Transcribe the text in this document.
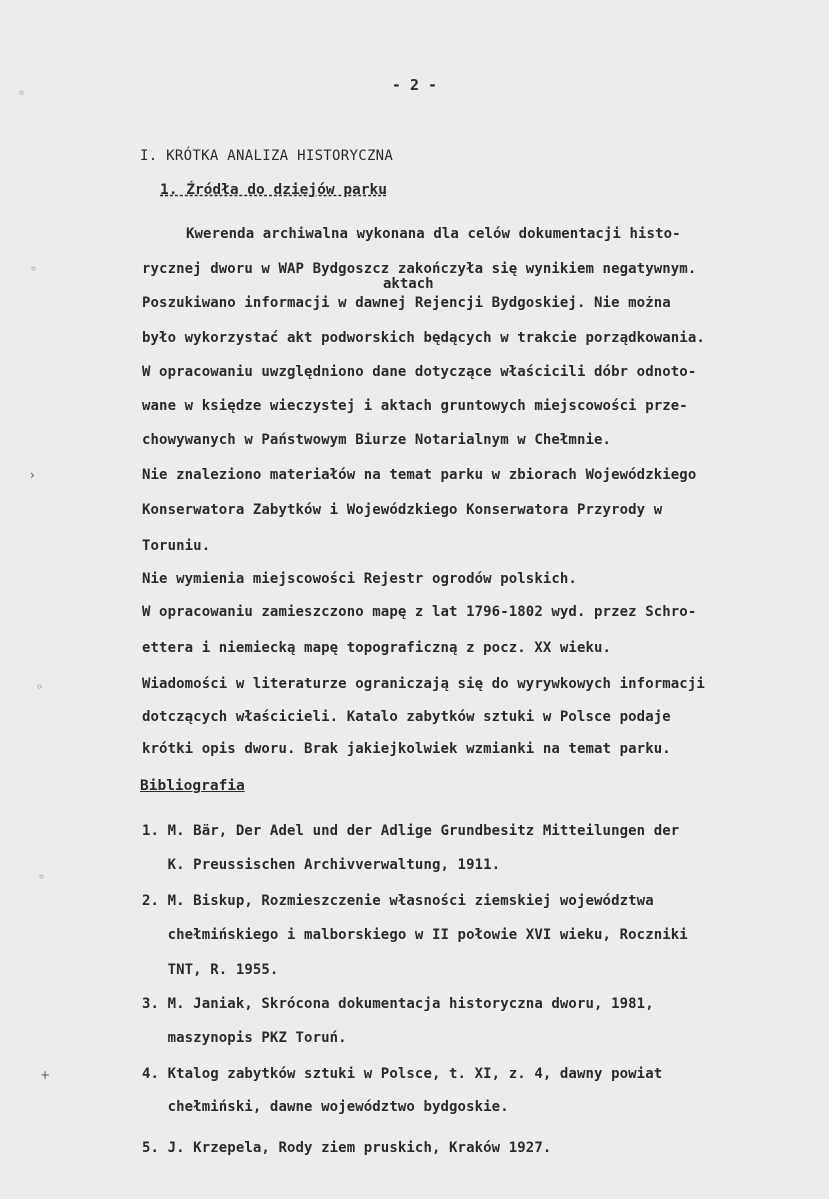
◦
◦
›
◦
◦
+
- 2 -
I. KRÓTKA ANALIZA HISTORYCZNA
1. Źródła do dziejów parku
aktach
Kwerenda archiwalna wykonana dla celów dokumentacji histo-
rycznej dworu w WAP Bydgoszcz zakończyła się wynikiem negatywnym.
Poszukiwano informacji w dawnej Rejencji Bydgoskiej. Nie można
było wykorzystać akt podworskich będących w trakcie porządkowania.
W opracowaniu uwzględniono dane dotyczące właścicili dóbr odnoto-
wane w księdze wieczystej i aktach gruntowych miejscowości prze-
chowywanych w Państwowym Biurze Notarialnym w Chełmnie.
Nie znaleziono materiałów na temat parku w zbiorach Wojewódzkiego
Konserwatora Zabytków i Wojewódzkiego Konserwatora Przyrody w
Toruniu.
Nie wymienia miejscowości Rejestr ogrodów polskich.
W opracowaniu zamieszczono mapę z lat 1796-1802 wyd. przez Schro-
ettera i niemiecką mapę topograficzną z pocz. XX wieku.
Wiadomości w literaturze ograniczają się do wyrywkowych informacji
dotczących właścicieli. Katalo zabytków sztuki w Polsce podaje
krótki opis dworu. Brak jakiejkolwiek wzmianki na temat parku.
Bibliografia
1. M. Bär, Der Adel und der Adlige Grundbesitz Mitteilungen der
K. Preussischen Archivverwaltung, 1911.
2. M. Biskup, Rozmieszczenie własności ziemskiej województwa
chełmińskiego i malborskiego w II połowie XVI wieku, Roczniki
TNT, R. 1955.
3. M. Janiak, Skrócona dokumentacja historyczna dworu, 1981,
maszynopis PKZ Toruń.
4. Ktalog zabytków sztuki w Polsce, t. XI, z. 4, dawny powiat
chełmiński, dawne województwo bydgoskie.
5. J. Krzepela, Rody ziem pruskich, Kraków 1927.
